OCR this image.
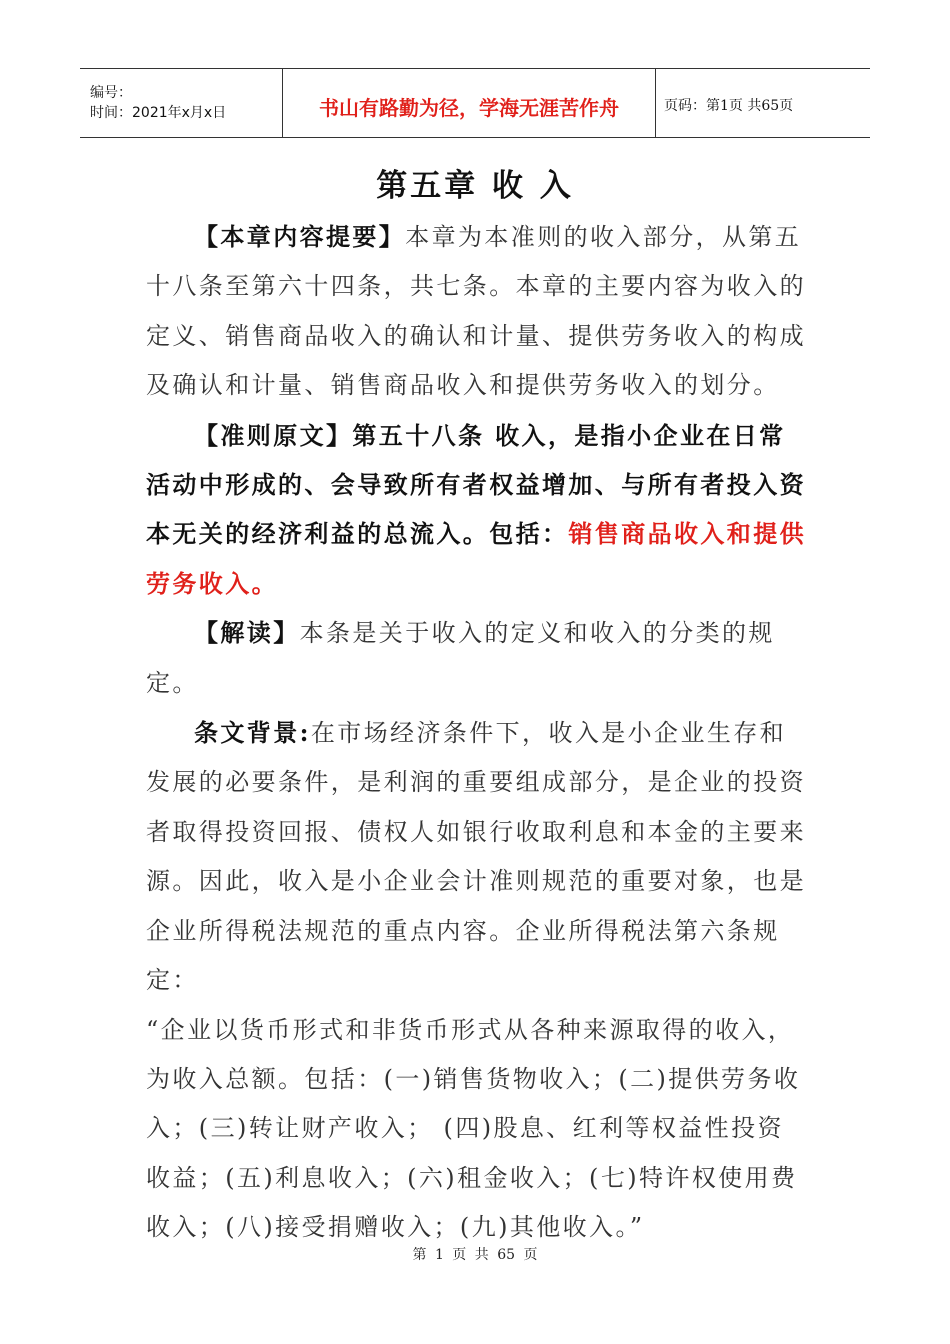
编号：
时间：2021年x月x日	书山有路勤为径，学海无涯苦作舟	页码：第1页 共65页
第五章 收 入

【本章内容提要】本章为本准则的收入部分，从第五十八条至第六十四条，共七条。本章的主要内容为收入的定义、销售商品收入的确认和计量、提供劳务收入的构成及确认和计量、销售商品收入和提供劳务收入的划分。

【准则原文】第五十八条 收入，是指小企业在日常活动中形成的、会导致所有者权益增加、与所有者投入资本无关的经济利益的总流入。包括：销售商品收入和提供劳务收入。

【解读】本条是关于收入的定义和收入的分类的规定。

条文背景:在市场经济条件下，收入是小企业生存和发展的必要条件，是利润的重要组成部分，是企业的投资者取得投资回报、债权人如银行收取利息和本金的主要来源。因此，收入是小企业会计准则规范的重要对象，也是企业所得税法规范的重点内容。企业所得税法第六条规定：

“企业以货币形式和非货币形式从各种来源取得的收入，为收入总额。包括：(一)销售货物收入；(二)提供劳务收入；(三)转让财产收入； (四)股息、红利等权益性投资收益；(五)利息收入；(六)租金收入；(七)特许权使用费收入；(八)接受捐赠收入；(九)其他收入。”

第 1 页 共 65 页
